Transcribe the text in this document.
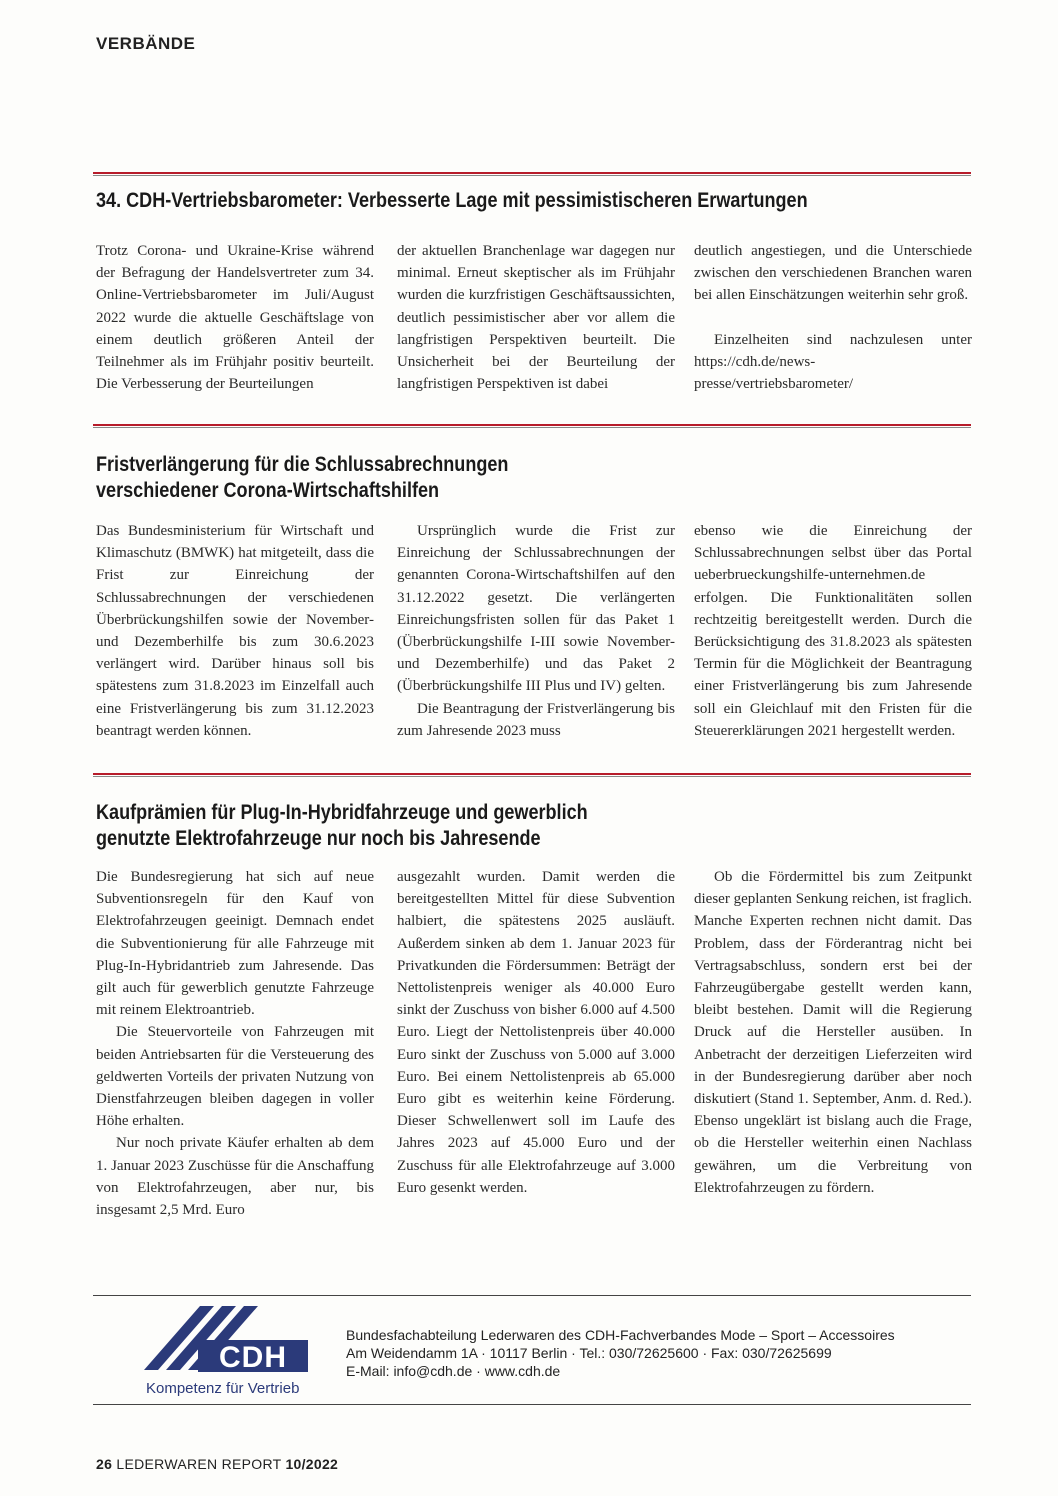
VERBÄNDE
34. CDH-Vertriebsbarometer: Verbesserte Lage mit pessimistischeren Erwartungen

Trotz Corona- und Ukraine-Krise während der Befragung der Handelsvertreter zum 34. Online-Vertriebsbarometer im Juli/August 2022 wurde die aktuelle Geschäftslage von einem deutlich größeren Anteil der Teilnehmer als im Frühjahr positiv beurteilt. Die Verbesserung der Beurteilungen

der aktuellen Branchenlage war dagegen nur minimal. Erneut skeptischer als im Frühjahr wurden die kurzfristigen Geschäftsaussichten, deutlich pessimistischer aber vor allem die langfristigen Perspektiven beurteilt. Die Unsicherheit bei der Beurteilung der langfristigen Perspektiven ist dabei

deutlich angestiegen, und die Unterschiede zwischen den verschiedenen Branchen waren bei allen Einschätzungen weiterhin sehr groß.

Einzelheiten sind nachzulesen unter https://cdh.de/news-presse/vertriebsbarometer/

Fristverlängerung für die Schlussabrechnungen
verschiedener Corona-Wirtschaftshilfen

Das Bundesministerium für Wirtschaft und Klimaschutz (BMWK) hat mitgeteilt, dass die Frist zur Einreichung der Schlussabrechnungen der verschiedenen Überbrückungshilfen sowie der November- und Dezemberhilfe bis zum 30.6.2023 verlängert wird. Darüber hinaus soll bis spätestens zum 31.8.2023 im Einzelfall auch eine Fristverlängerung bis zum 31.12.2023 beantragt werden können.

Ursprünglich wurde die Frist zur Einreichung der Schlussabrechnungen der genannten Corona-Wirtschaftshilfen auf den 31.12.2022 gesetzt. Die verlängerten Einreichungsfristen sollen für das Paket 1 (Überbrückungshilfe I-III sowie November- und Dezemberhilfe) und das Paket 2 (Überbrückungshilfe III Plus und IV) gelten.

Die Beantragung der Fristverlängerung bis zum Jahresende 2023 muss

ebenso wie die Einreichung der Schlussabrechnungen selbst über das Portal ueberbrueckungshilfe-unternehmen.de erfolgen. Die Funktionalitäten sollen rechtzeitig bereitgestellt werden. Durch die Berücksichtigung des 31.8.2023 als spätesten Termin für die Möglichkeit der Beantragung einer Fristverlängerung bis zum Jahresende soll ein Gleichlauf mit den Fristen für die Steuererklärungen 2021 hergestellt werden.

Kaufprämien für Plug-In-Hybridfahrzeuge und gewerblich
genutzte Elektrofahrzeuge nur noch bis Jahresende

Die Bundesregierung hat sich auf neue Subventionsregeln für den Kauf von Elektrofahrzeugen geeinigt. Demnach endet die Subventionierung für alle Fahrzeuge mit Plug-In-Hybridantrieb zum Jahresende. Das gilt auch für gewerblich genutzte Fahrzeuge mit reinem Elektroantrieb.

Die Steuervorteile von Fahrzeugen mit beiden Antriebsarten für die Versteuerung des geldwerten Vorteils der privaten Nutzung von Dienstfahrzeugen bleiben dagegen in voller Höhe erhalten.

Nur noch private Käufer erhalten ab dem 1. Januar 2023 Zuschüsse für die Anschaffung von Elektrofahrzeugen, aber nur, bis insgesamt 2,5 Mrd. Euro

ausgezahlt wurden. Damit werden die bereitgestellten Mittel für diese Subvention halbiert, die spätestens 2025 ausläuft. Außerdem sinken ab dem 1. Januar 2023 für Privatkunden die Fördersummen: Beträgt der Nettolistenpreis weniger als 40.000 Euro sinkt der Zuschuss von bisher 6.000 auf 4.500 Euro. Liegt der Nettolistenpreis über 40.000 Euro sinkt der Zuschuss von 5.000 auf 3.000 Euro. Bei einem Nettolistenpreis ab 65.000 Euro gibt es weiterhin keine Förderung. Dieser Schwellenwert soll im Laufe des Jahres 2023 auf 45.000 Euro und der Zuschuss für alle Elektrofahrzeuge auf 3.000 Euro gesenkt werden.

Ob die Fördermittel bis zum Zeitpunkt dieser geplanten Senkung reichen, ist fraglich. Manche Experten rechnen nicht damit. Das Problem, dass der Förderantrag nicht bei Vertragsabschluss, sondern erst bei der Fahrzeugübergabe gestellt werden kann, bleibt bestehen. Damit will die Regierung Druck auf die Hersteller ausüben. In Anbetracht der derzeitigen Lieferzeiten wird in der Bundesregierung darüber aber noch diskutiert (Stand 1. September, Anm. d. Red.). Ebenso ungeklärt ist bislang auch die Frage, ob die Hersteller weiterhin einen Nachlass gewähren, um die Verbreitung von Elektrofahrzeugen zu fördern.

CDH
Kompetenz für Vertrieb
Bundesfachabteilung Lederwaren des CDH-Fachverbandes Mode – Sport – Accessoires
Am Weidendamm 1A · 10117 Berlin · Tel.: 030/72625600 · Fax: 030/72625699
E-Mail: info@cdh.de · www.cdh.de
26 LEDERWAREN REPORT 10/2022
